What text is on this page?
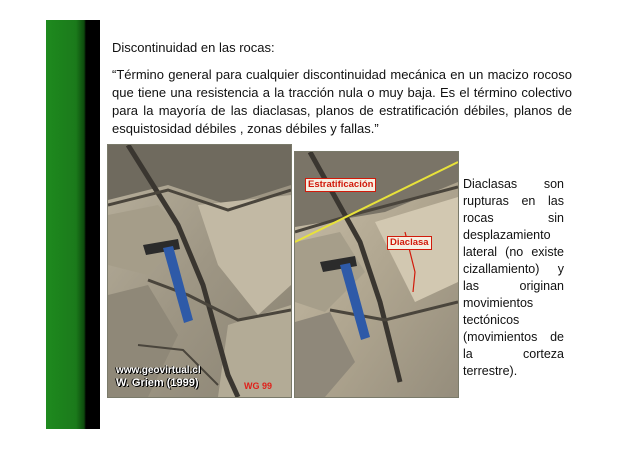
Discontinuidad en las rocas:

“Término general para cualquier discontinuidad mecánica en un macizo rocoso que tiene una resistencia a la tracción nula o muy baja. Es el término colectivo para la mayoría de las diaclasas, planos de estratificación débiles, planos de esquistosidad débiles , zonas débiles y fallas.”

www.geovirtual.cl
W. Griem (1999)	WG 99
Estratificación
Diaclasa

Diaclasas son rupturas en las rocas sin desplazamiento lateral (no existe cizallamiento) y las originan movimientos tectónicos (movimientos de la corteza terrestre).
